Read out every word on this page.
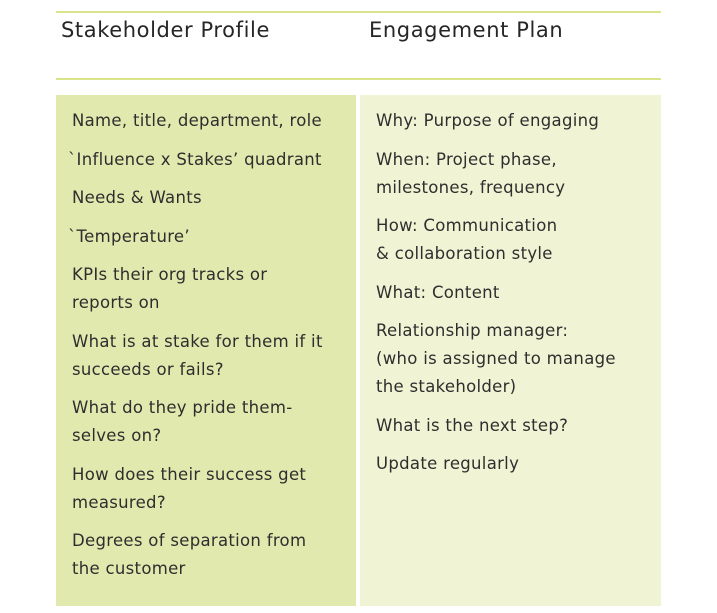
Stakeholder Profile	Engagement Plan
Name, title, department, role
`Influence x Stakes’ quadrant
Needs & Wants
`Temperature’
KPIs their org tracks or
reports on
What is at stake for them if it
succeeds or fails?
What do they pride them-
selves on?
How does their success get
measured?
Degrees of separation from
the customer
Why: Purpose of engaging
When: Project phase,
milestones, frequency
How: Communication
& collaboration style
What: Content
Relationship manager:
(who is assigned to manage
the stakeholder)
What is the next step?
Update regularly
